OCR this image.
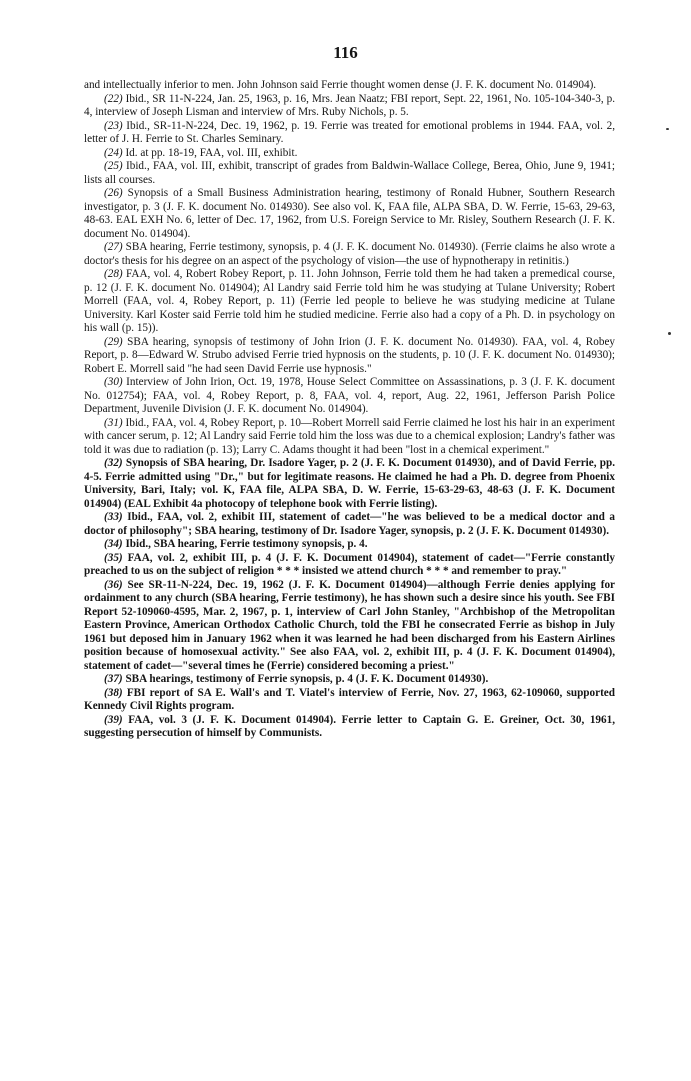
116

and intellectually inferior to men. John Johnson said Ferrie thought women dense (J. F. K. document No. 014904).

(22) Ibid., SR 11-N-224, Jan. 25, 1963, p. 16, Mrs. Jean Naatz; FBI report, Sept. 22, 1961, No. 105-104-340-3, p. 4, interview of Joseph Lisman and interview of Mrs. Ruby Nichols, p. 5.

(23) Ibid., SR-11-N-224, Dec. 19, 1962, p. 19. Ferrie was treated for emotional problems in 1944. FAA, vol. 2, letter of J. H. Ferrie to St. Charles Seminary.

(24) Id. at pp. 18-19, FAA, vol. III, exhibit.

(25) Ibid., FAA, vol. III, exhibit, transcript of grades from Baldwin-Wallace College, Berea, Ohio, June 9, 1941; lists all courses.

(26) Synopsis of a Small Business Administration hearing, testimony of Ronald Hubner, Southern Research investigator, p. 3 (J. F. K. document No. 014930). See also vol. K, FAA file, ALPA SBA, D. W. Ferrie, 15-63, 29-63, 48-63. EAL EXH No. 6, letter of Dec. 17, 1962, from U.S. Foreign Service to Mr. Risley, Southern Research (J. F. K. document No. 014904).

(27) SBA hearing, Ferrie testimony, synopsis, p. 4 (J. F. K. document No. 014930). (Ferrie claims he also wrote a doctor's thesis for his degree on an aspect of the psychology of vision—the use of hypnotherapy in retinitis.)

(28) FAA, vol. 4, Robert Robey Report, p. 11. John Johnson, Ferrie told them he had taken a premedical course, p. 12 (J. F. K. document No. 014904); Al Landry said Ferrie told him he was studying at Tulane University; Robert Morrell (FAA, vol. 4, Robey Report, p. 11) (Ferrie led people to believe he was studying medicine at Tulane University. Karl Koster said Ferrie told him he studied medicine. Ferrie also had a copy of a Ph. D. in psychology on his wall (p. 15)).

(29) SBA hearing, synopsis of testimony of John Irion (J. F. K. document No. 014930). FAA, vol. 4, Robey Report, p. 8—Edward W. Strubo advised Ferrie tried hypnosis on the students, p. 10 (J. F. K. document No. 014930); Robert E. Morrell said "he had seen David Ferrie use hypnosis."

(30) Interview of John Irion, Oct. 19, 1978, House Select Committee on Assassinations, p. 3 (J. F. K. document No. 012754); FAA, vol. 4, Robey Report, p. 8, FAA, vol. 4, report, Aug. 22, 1961, Jefferson Parish Police Department, Juvenile Division (J. F. K. document No. 014904).

(31) Ibid., FAA, vol. 4, Robey Report, p. 10—Robert Morrell said Ferrie claimed he lost his hair in an experiment with cancer serum, p. 12; Al Landry said Ferrie told him the loss was due to a chemical explosion; Landry's father was told it was due to radiation (p. 13); Larry C. Adams thought it had been "lost in a chemical experiment."

(32) Synopsis of SBA hearing, Dr. Isadore Yager, p. 2 (J. F. K. Document 014930), and of David Ferrie, pp. 4-5. Ferrie admitted using "Dr.," but for legitimate reasons. He claimed he had a Ph. D. degree from Phoenix University, Bari, Italy; vol. K, FAA file, ALPA SBA, D. W. Ferrie, 15-63-29-63, 48-63 (J. F. K. Document 014904) (EAL Exhibit 4a photocopy of telephone book with Ferrie listing).

(33) Ibid., FAA, vol. 2, exhibit III, statement of cadet—"he was believed to be a medical doctor and a doctor of philosophy"; SBA hearing, testimony of Dr. Isadore Yager, synopsis, p. 2 (J. F. K. Document 014930).

(34) Ibid., SBA hearing, Ferrie testimony synopsis, p. 4.

(35) FAA, vol. 2, exhibit III, p. 4 (J. F. K. Document 014904), statement of cadet—"Ferrie constantly preached to us on the subject of religion * * * insisted we attend church * * * and remember to pray."

(36) See SR-11-N-224, Dec. 19, 1962 (J. F. K. Document 014904)—although Ferrie denies applying for ordainment to any church (SBA hearing, Ferrie testimony), he has shown such a desire since his youth. See FBI Report 52-109060-4595, Mar. 2, 1967, p. 1, interview of Carl John Stanley, "Archbishop of the Metropolitan Eastern Province, American Orthodox Catholic Church, told the FBI he consecrated Ferrie as bishop in July 1961 but deposed him in January 1962 when it was learned he had been discharged from his Eastern Airlines position because of homosexual activity." See also FAA, vol. 2, exhibit III, p. 4 (J. F. K. Document 014904), statement of cadet—"several times he (Ferrie) considered becoming a priest."

(37) SBA hearings, testimony of Ferrie synopsis, p. 4 (J. F. K. Document 014930).

(38) FBI report of SA E. Wall's and T. Viatel's interview of Ferrie, Nov. 27, 1963, 62-109060, supported Kennedy Civil Rights program.

(39) FAA, vol. 3 (J. F. K. Document 014904). Ferrie letter to Captain G. E. Greiner, Oct. 30, 1961, suggesting persecution of himself by Communists.
